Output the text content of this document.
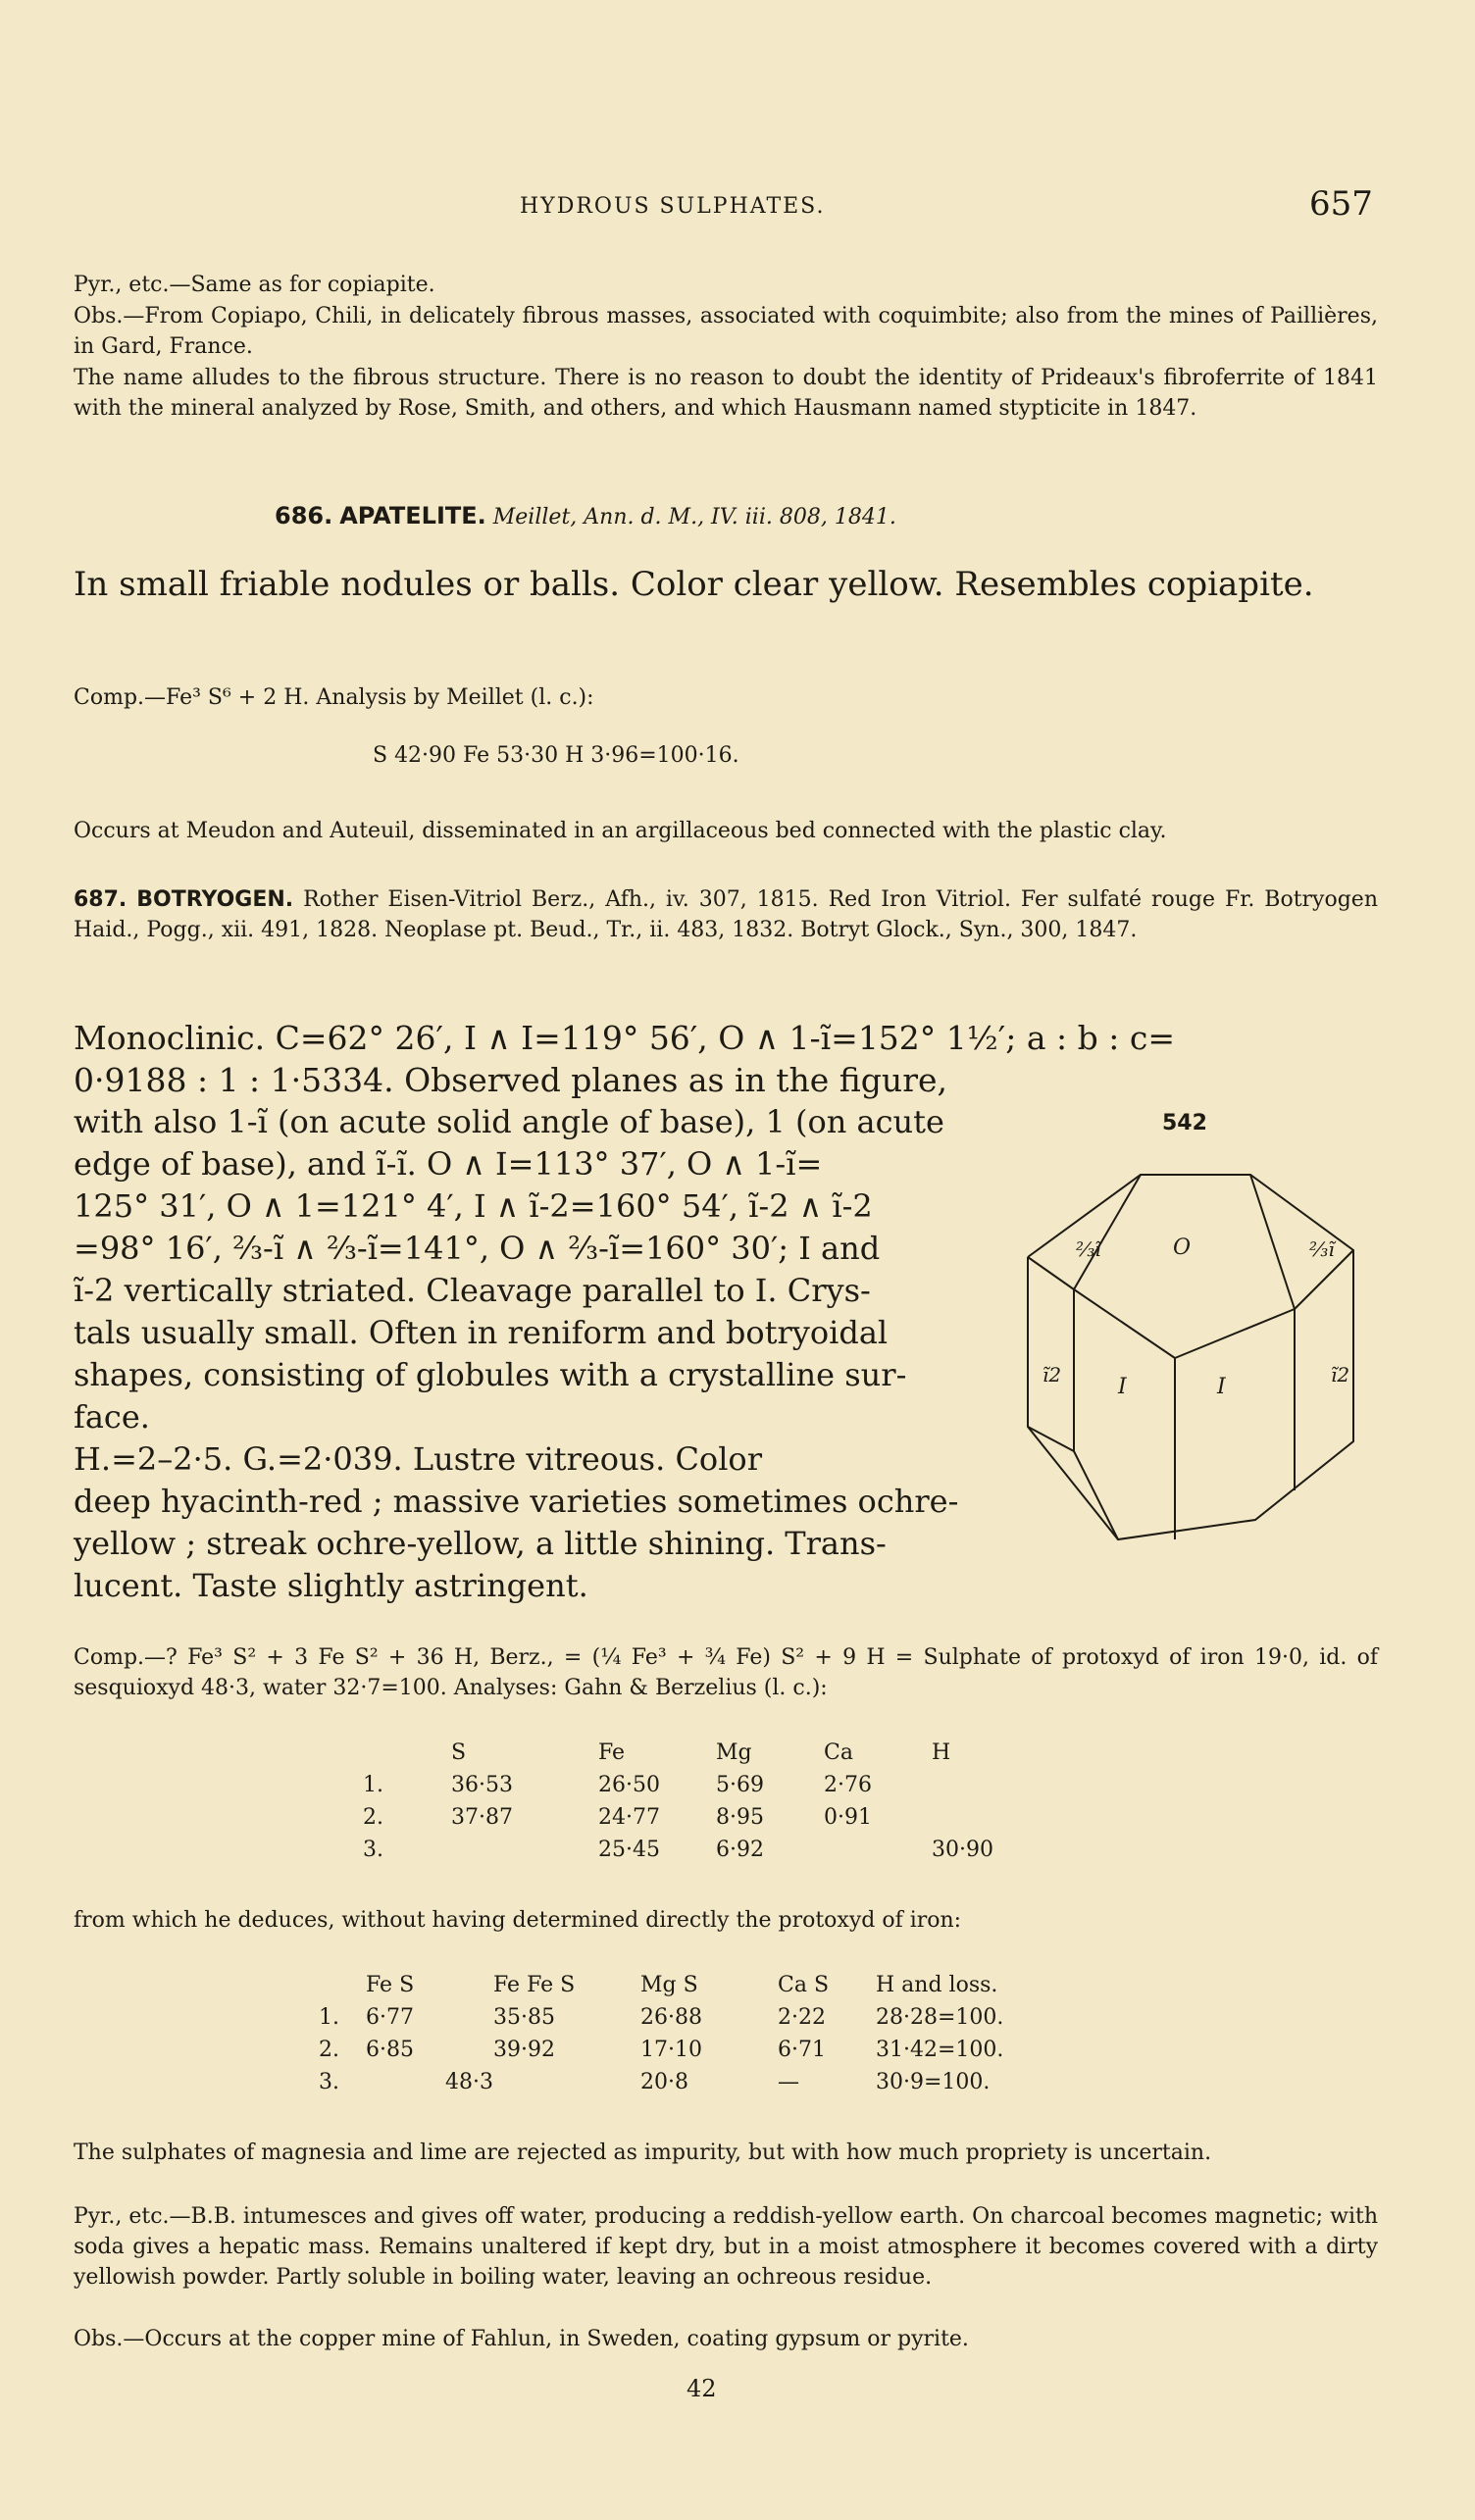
HYDROUS SULPHATES.	657
Pyr., etc.—Same as for copiapite.
Obs.—From Copiapo, Chili, in delicately fibrous masses, associated with coquimbite; also from the mines of Paillières, in Gard, France.
The name alludes to the fibrous structure. There is no reason to doubt the identity of Prideaux's fibroferrite of 1841 with the mineral analyzed by Rose, Smith, and others, and which Hausmann named stypticite in 1847.
686. APATELITE. Meillet, Ann. d. M., IV. iii. 808, 1841.
In small friable nodules or balls. Color clear yellow. Resembles copiapite.
Comp.—Fe³ S⁶ + 2 H. Analysis by Meillet (l. c.):
S 42·90 Fe 53·30 H 3·96=100·16.
Occurs at Meudon and Auteuil, disseminated in an argillaceous bed connected with the plastic clay.
687. BOTRYOGEN. Rother Eisen-Vitriol Berz., Afh., iv. 307, 1815. Red Iron Vitriol. Fer sulfaté rouge Fr. Botryogen Haid., Pogg., xii. 491, 1828. Neoplase pt. Beud., Tr., ii. 483, 1832. Botryt Glock., Syn., 300, 1847.
Monoclinic. C=62° 26′, I ∧ I=119° 56′, O ∧ 1-ĩ=152° 1½′; a : b : c=
0·9188 : 1 : 1·5334. Observed planes as in the figure,
with also 1-ĩ (on acute solid angle of base), 1 (on acute
edge of base), and ĩ-ĩ. O ∧ I=113° 37′, O ∧ 1-ĩ=
125° 31′, O ∧ 1=121° 4′, I ∧ ĩ-2=160° 54′, ĩ-2 ∧ ĩ-2
=98° 16′, ⅔-ĩ ∧ ⅔-ĩ=141°, O ∧ ⅔-ĩ=160° 30′; I and
ĩ-2 vertically striated. Cleavage parallel to I. Crys-
tals usually small. Often in reniform and botryoidal
shapes, consisting of globules with a crystalline sur-
face.
H.=2–2·5. G.=2·039. Lustre vitreous. Color
deep hyacinth-red ; massive varieties sometimes ochre-
yellow ; streak ochre-yellow, a little shining. Trans-
lucent. Taste slightly astringent.
542
⅔ĩ	O	⅔ĩ
ĩ2	I	I	ĩ2
Comp.—? Fe³ S² + 3 Fe S² + 36 H, Berz., = (¼ Fe³ + ¾ Fe) S² + 9 H = Sulphate of protoxyd of iron 19·0, id. of sesquioxyd 48·3, water 32·7=100. Analyses: Gahn & Berzelius (l. c.):
	S	Fe	Mg	Ca	H
1.	36·53	26·50	5·69	2·76	
2.	37·87	24·77	8·95	0·91	
3.		25·45	6·92		30·90
from which he deduces, without having determined directly the protoxyd of iron:
	Fe S	Fe Fe S	Mg S	Ca S	H and loss.
1.	6·77	35·85	26·88	2·22	28·28=100.
2.	6·85	39·92	17·10	6·71	31·42=100.
3.	48·3		20·8	—	30·9=100.
The sulphates of magnesia and lime are rejected as impurity, but with how much propriety is uncertain.
Pyr., etc.—B.B. intumesces and gives off water, producing a reddish-yellow earth. On charcoal becomes magnetic; with soda gives a hepatic mass. Remains unaltered if kept dry, but in a moist atmosphere it becomes covered with a dirty yellowish powder. Partly soluble in boiling water, leaving an ochreous residue.
Obs.—Occurs at the copper mine of Fahlun, in Sweden, coating gypsum or pyrite.
42
